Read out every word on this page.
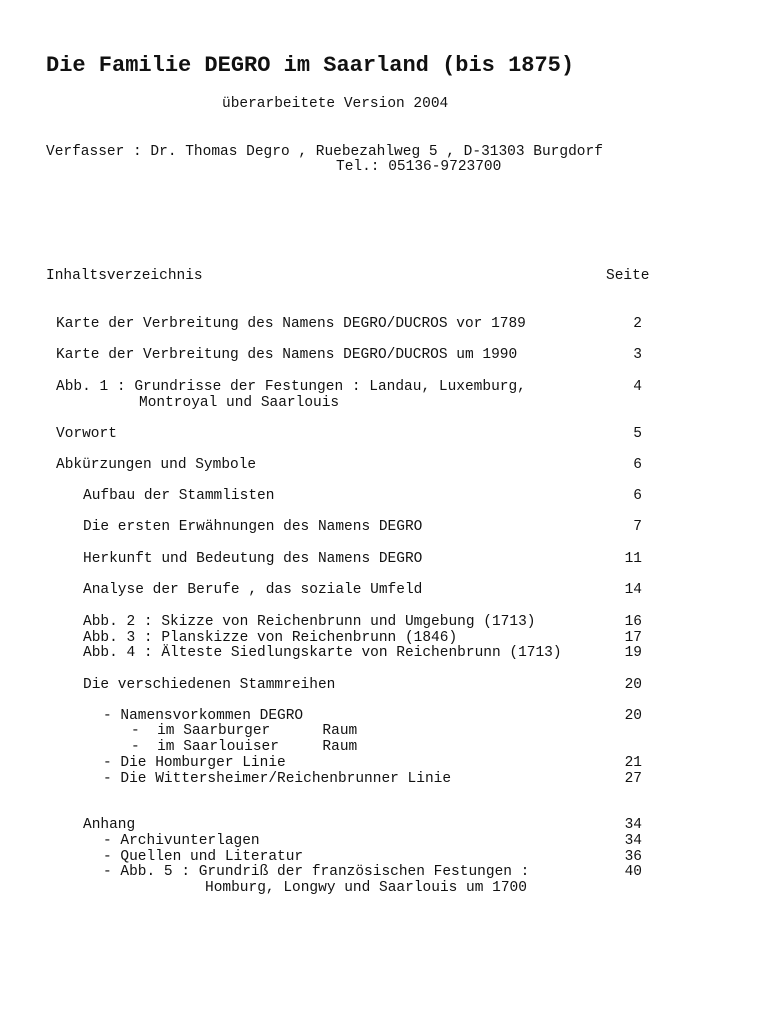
Die Familie DEGRO im Saarland (bis 1875)
überarbeitete Version 2004
Verfasser : Dr. Thomas Degro , Ruebezahlweg 5 , D-31303 Burgdorf
Tel.: 05136-9723700
Inhaltsverzeichnis	Seite
Karte der Verbreitung des Namens DEGRO/DUCROS vor 1789	2
Karte der Verbreitung des Namens DEGRO/DUCROS um 1990	3
Abb. 1 : Grundrisse der Festungen : Landau, Luxemburg,	4
Montroyal und Saarlouis
Vorwort	5
Abkürzungen und Symbole	6
Aufbau der Stammlisten	6
Die ersten Erwähnungen des Namens DEGRO	7
Herkunft und Bedeutung des Namens DEGRO	11
Analyse der Berufe , das soziale Umfeld	14
Abb. 2 : Skizze von Reichenbrunn und Umgebung (1713)	16
Abb. 3 : Planskizze von Reichenbrunn (1846)	17
Abb. 4 : Älteste Siedlungskarte von Reichenbrunn (1713)	19
Die verschiedenen Stammreihen	20
- Namensvorkommen DEGRO	20
-  im Saarburger      Raum
-  im Saarlouiser     Raum
- Die Homburger Linie	21
- Die Wittersheimer/Reichenbrunner Linie	27
Anhang	34
- Archivunterlagen	34
- Quellen und Literatur	36
- Abb. 5 : Grundriß der französischen Festungen :	40
Homburg, Longwy und Saarlouis um 1700
